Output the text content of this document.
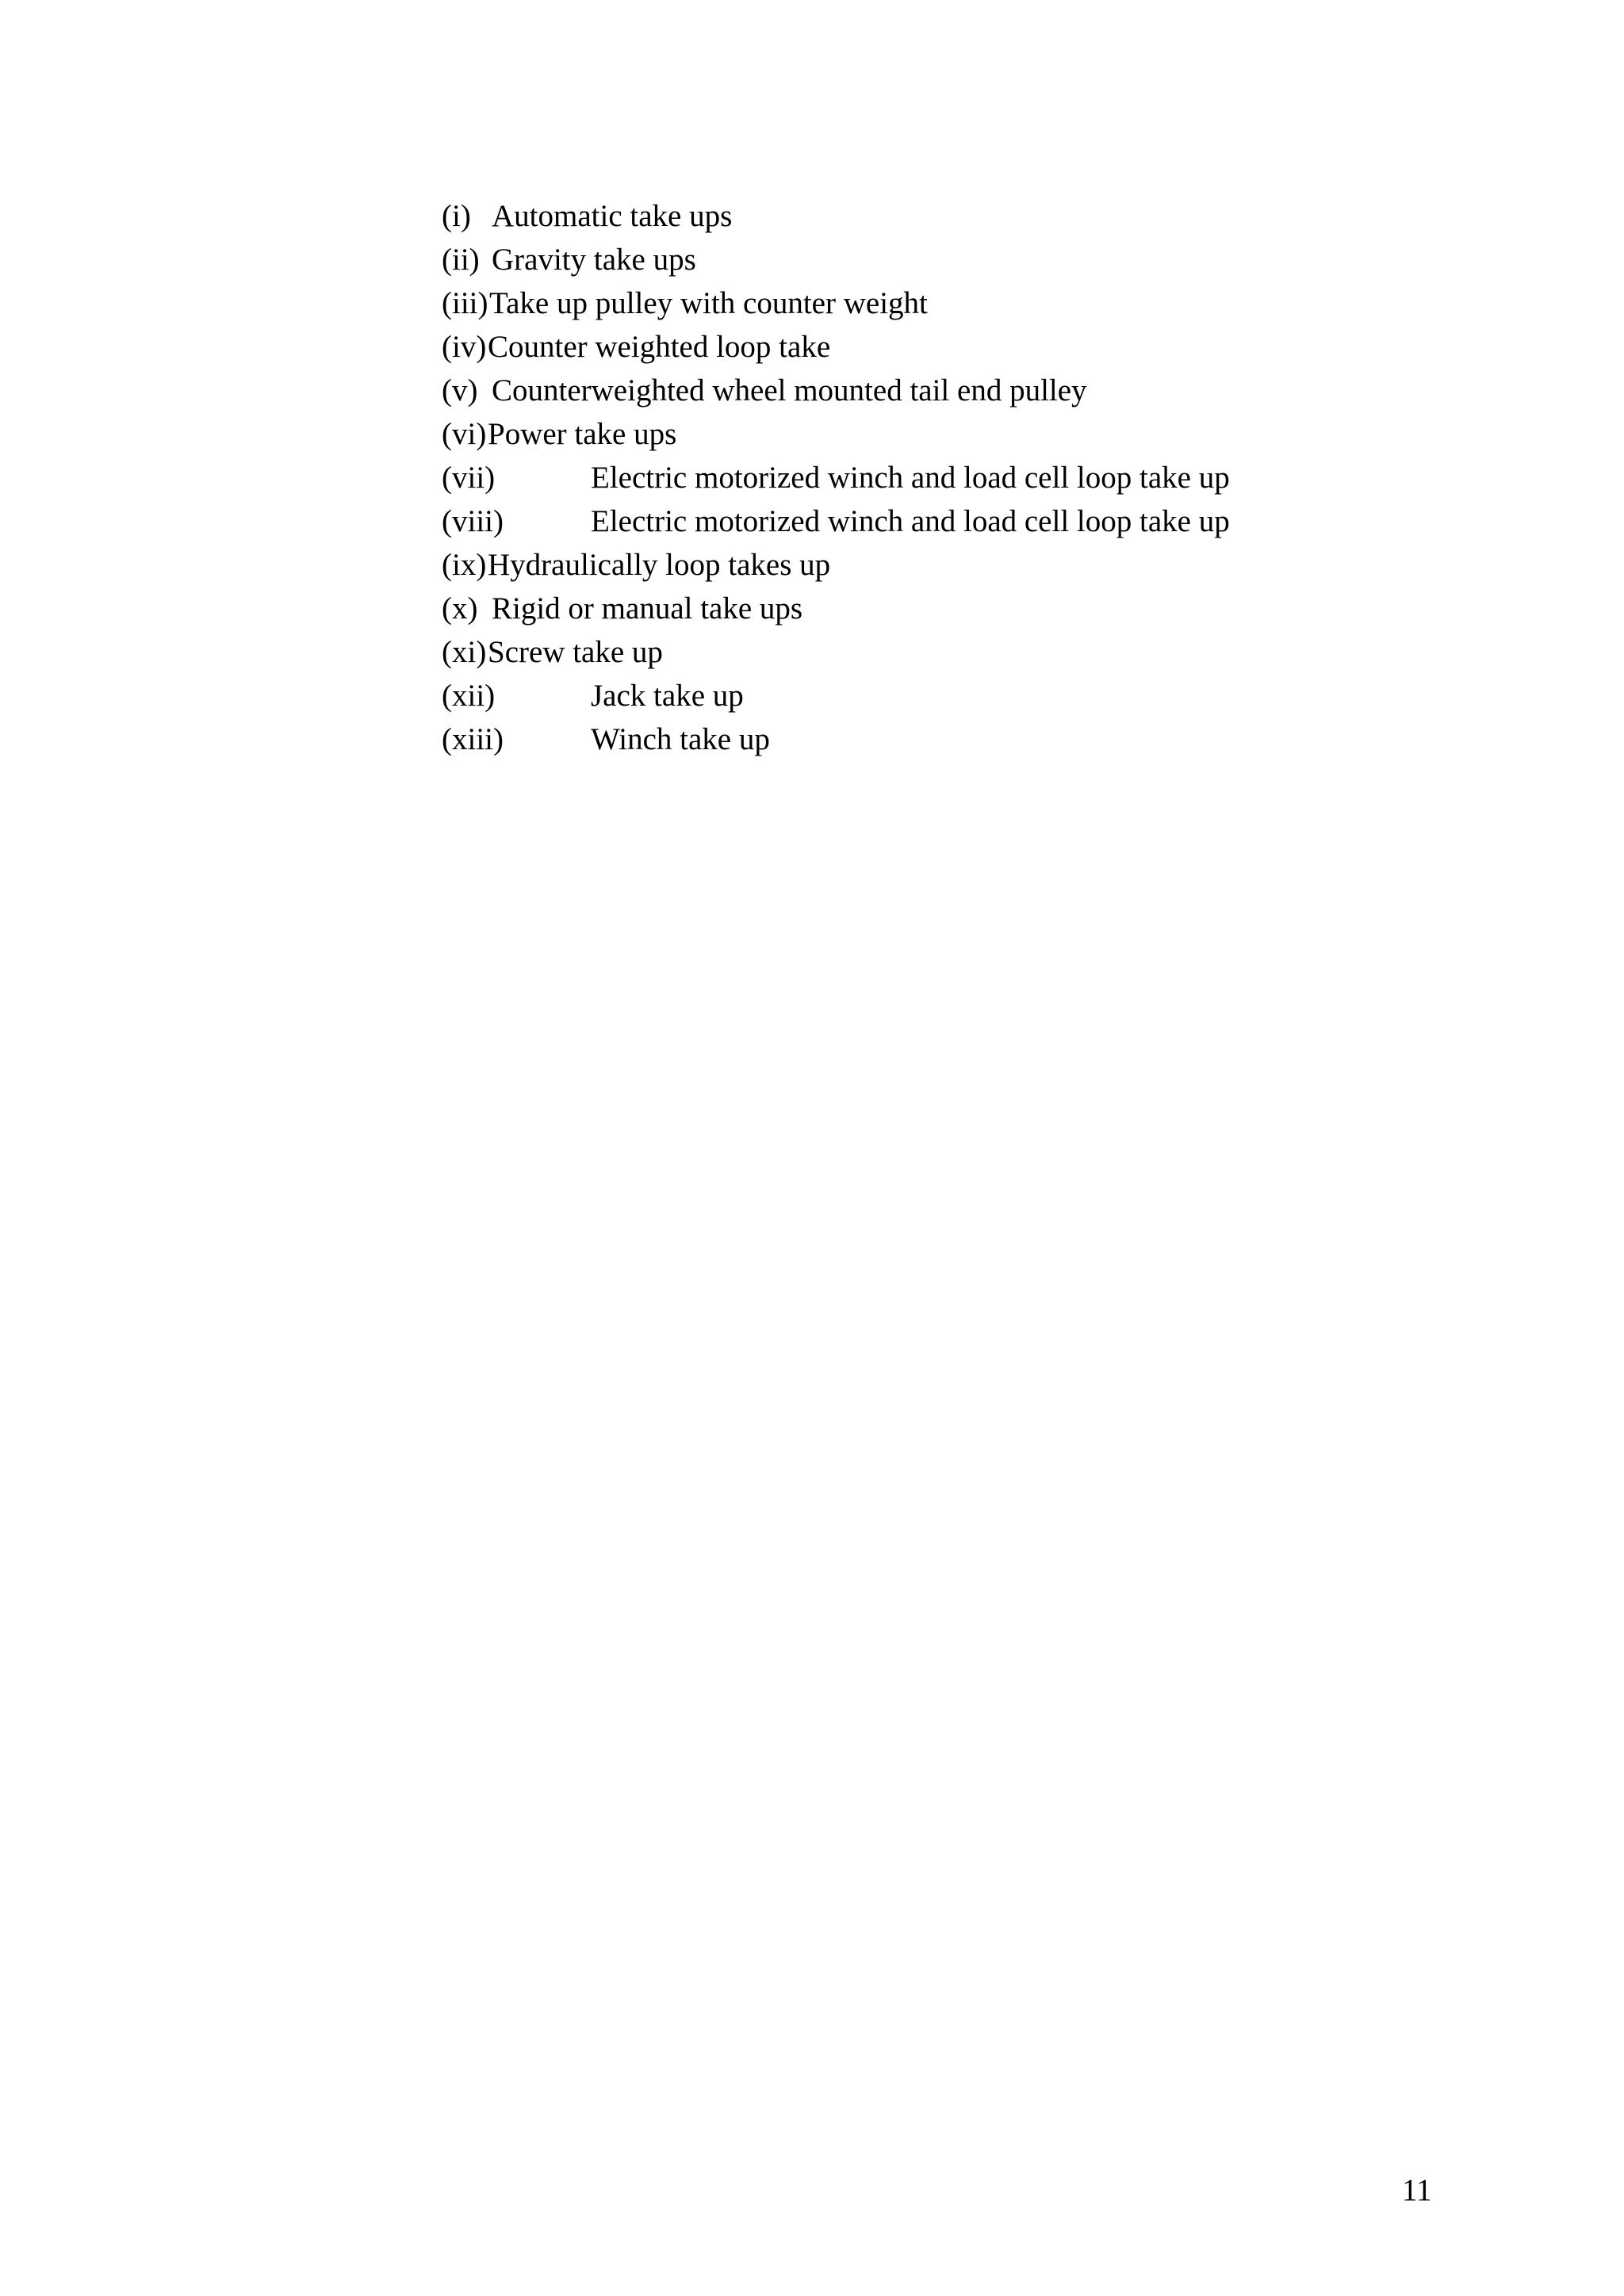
(i) Automatic take ups
(ii) Gravity take ups
(iii) Take up pulley with counter weight
(iv) Counter weighted loop take
(v) Counterweighted wheel mounted tail end pulley
(vi) Power take ups
(vii)	Electric motorized winch and load cell loop take up
(viii)	Electric motorized winch and load cell loop take up
(ix) Hydraulically loop takes up
(x) Rigid or manual take ups
(xi) Screw take up
(xii)	Jack take up
(xiii)	Winch take up
11
